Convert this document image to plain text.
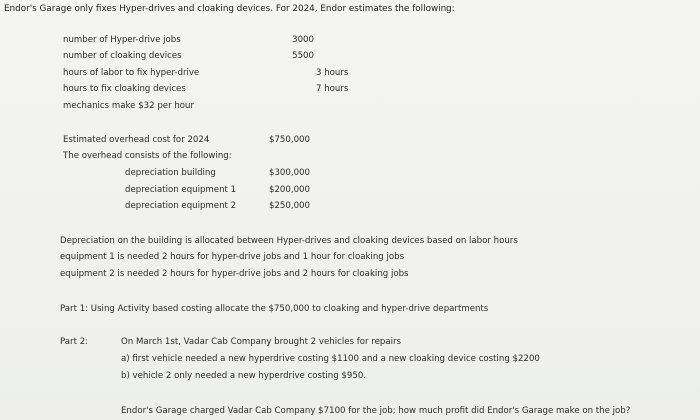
Endor's Garage only fixes Hyper-drives and cloaking devices. For 2024, Endor estimates the following:
number of Hyper-drive jobs	3000
number of cloaking devices	5500
hours of labor to fix hyper-drive	3 hours
hours to fix cloaking devices	7 hours
mechanics make $32 per hour
Estimated overhead cost for 2024	$750,000
The overhead consists of the following:
depreciation building	$300,000
depreciation equipment 1	$200,000
depreciation equipment 2	$250,000
Depreciation on the building is allocated between Hyper-drives and cloaking devices based on labor hours
equipment 1 is needed 2 hours for hyper-drive jobs and 1 hour for cloaking jobs
equipment 2 is needed 2 hours for hyper-drive jobs and 2 hours for cloaking jobs
Part 1: Using Activity based costing allocate the $750,000 to cloaking and hyper-drive departments
Part 2:	On March 1st, Vadar Cab Company brought 2 vehicles for repairs
a) first vehicle needed a new hyperdrive costing $1100 and a new cloaking device costing $2200
b) vehicle 2 only needed a new hyperdrive costing $950.
Endor's Garage charged Vadar Cab Company $7100 for the job; how much profit did Endor's Garage make on the job?
